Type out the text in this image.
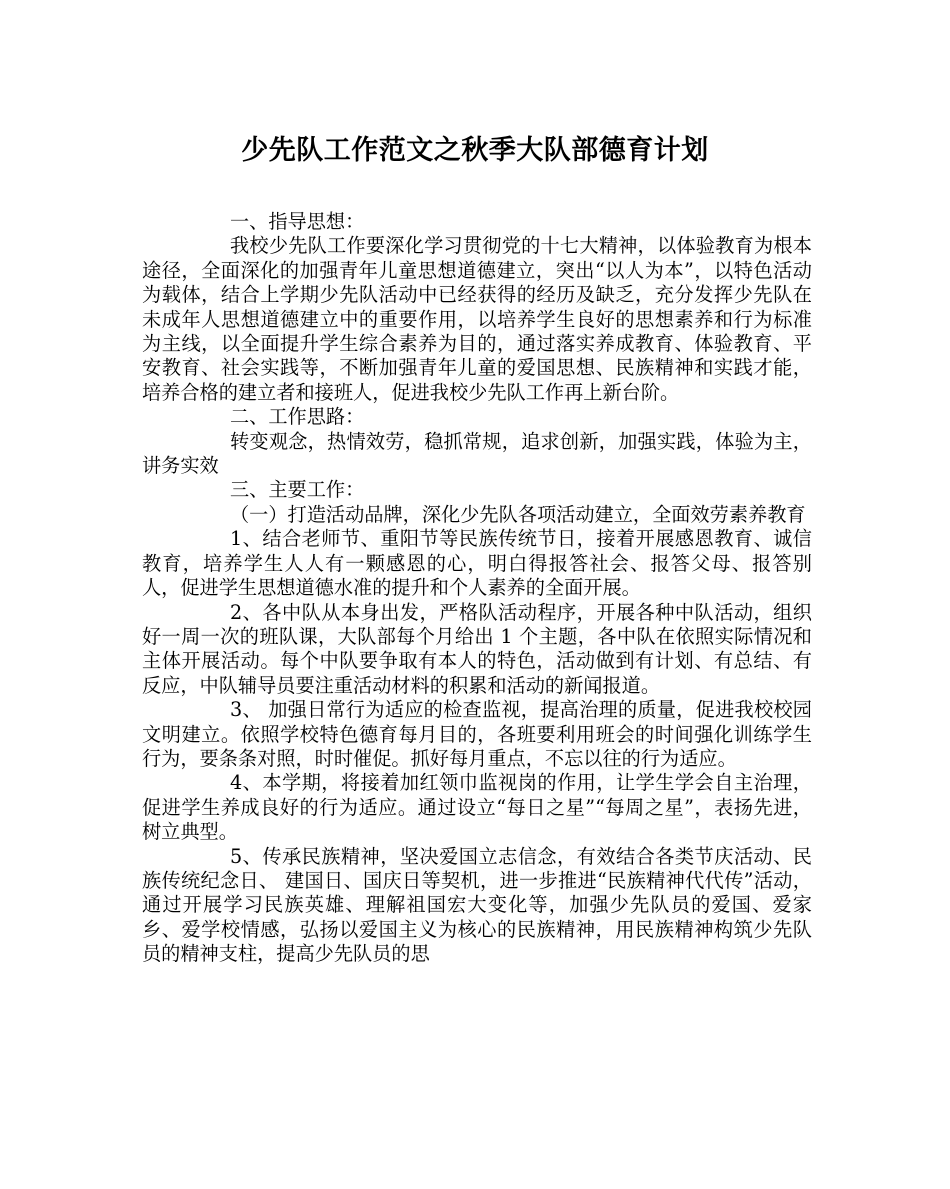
少先队工作范文之秋季大队部德育计划

一、指导思想：

我校少先队工作要深化学习贯彻党的十七大精神，以体验教育为根本途径，全面深化的加强青年儿童思想道德建立，突出“以人为本”，以特色活动为载体，结合上学期少先队活动中已经获得的经历及缺乏，充分发挥少先队在未成年人思想道德建立中的重要作用，以培养学生良好的思想素养和行为标准为主线，以全面提升学生综合素养为目的，通过落实养成教育、体验教育、平安教育、社会实践等，不断加强青年儿童的爱国思想、民族精神和实践才能，培养合格的建立者和接班人，促进我校少先队工作再上新台阶。

二、工作思路：

转变观念，热情效劳，稳抓常规，追求创新，加强实践，体验为主，讲务实效

三、主要工作：

（一）打造活动品牌，深化少先队各项活动建立，全面效劳素养教育

1、结合老师节、重阳节等民族传统节日，接着开展感恩教育、诚信教育，培养学生人人有一颗感恩的心，明白得报答社会、报答父母、报答别人，促进学生思想道德水准的提升和个人素养的全面开展。

2、各中队从本身出发，严格队活动程序，开展各种中队活动，组织好一周一次的班队课，大队部每个月给出 1 个主题，各中队在依照实际情况和主体开展活动。每个中队要争取有本人的特色，活动做到有计划、有总结、有反应，中队辅导员要注重活动材料的积累和活动的新闻报道。

3、 加强日常行为适应的检查监视，提高治理的质量，促进我校校园文明建立。依照学校特色德育每月目的，各班要利用班会的时间强化训练学生行为，要条条对照，时时催促。抓好每月重点，不忘以往的行为适应。

4、本学期，将接着加红领巾监视岗的作用，让学生学会自主治理，促进学生养成良好的行为适应。通过设立“每日之星”“每周之星”，表扬先进，树立典型。

5、传承民族精神，坚决爱国立志信念，有效结合各类节庆活动、民族传统纪念日、 建国日、国庆日等契机，进一步推进“民族精神代代传”活动，通过开展学习民族英雄、理解祖国宏大变化等，加强少先队员的爱国、爱家乡、爱学校情感，弘扬以爱国主义为核心的民族精神，用民族精神构筑少先队员的精神支柱，提高少先队员的思
